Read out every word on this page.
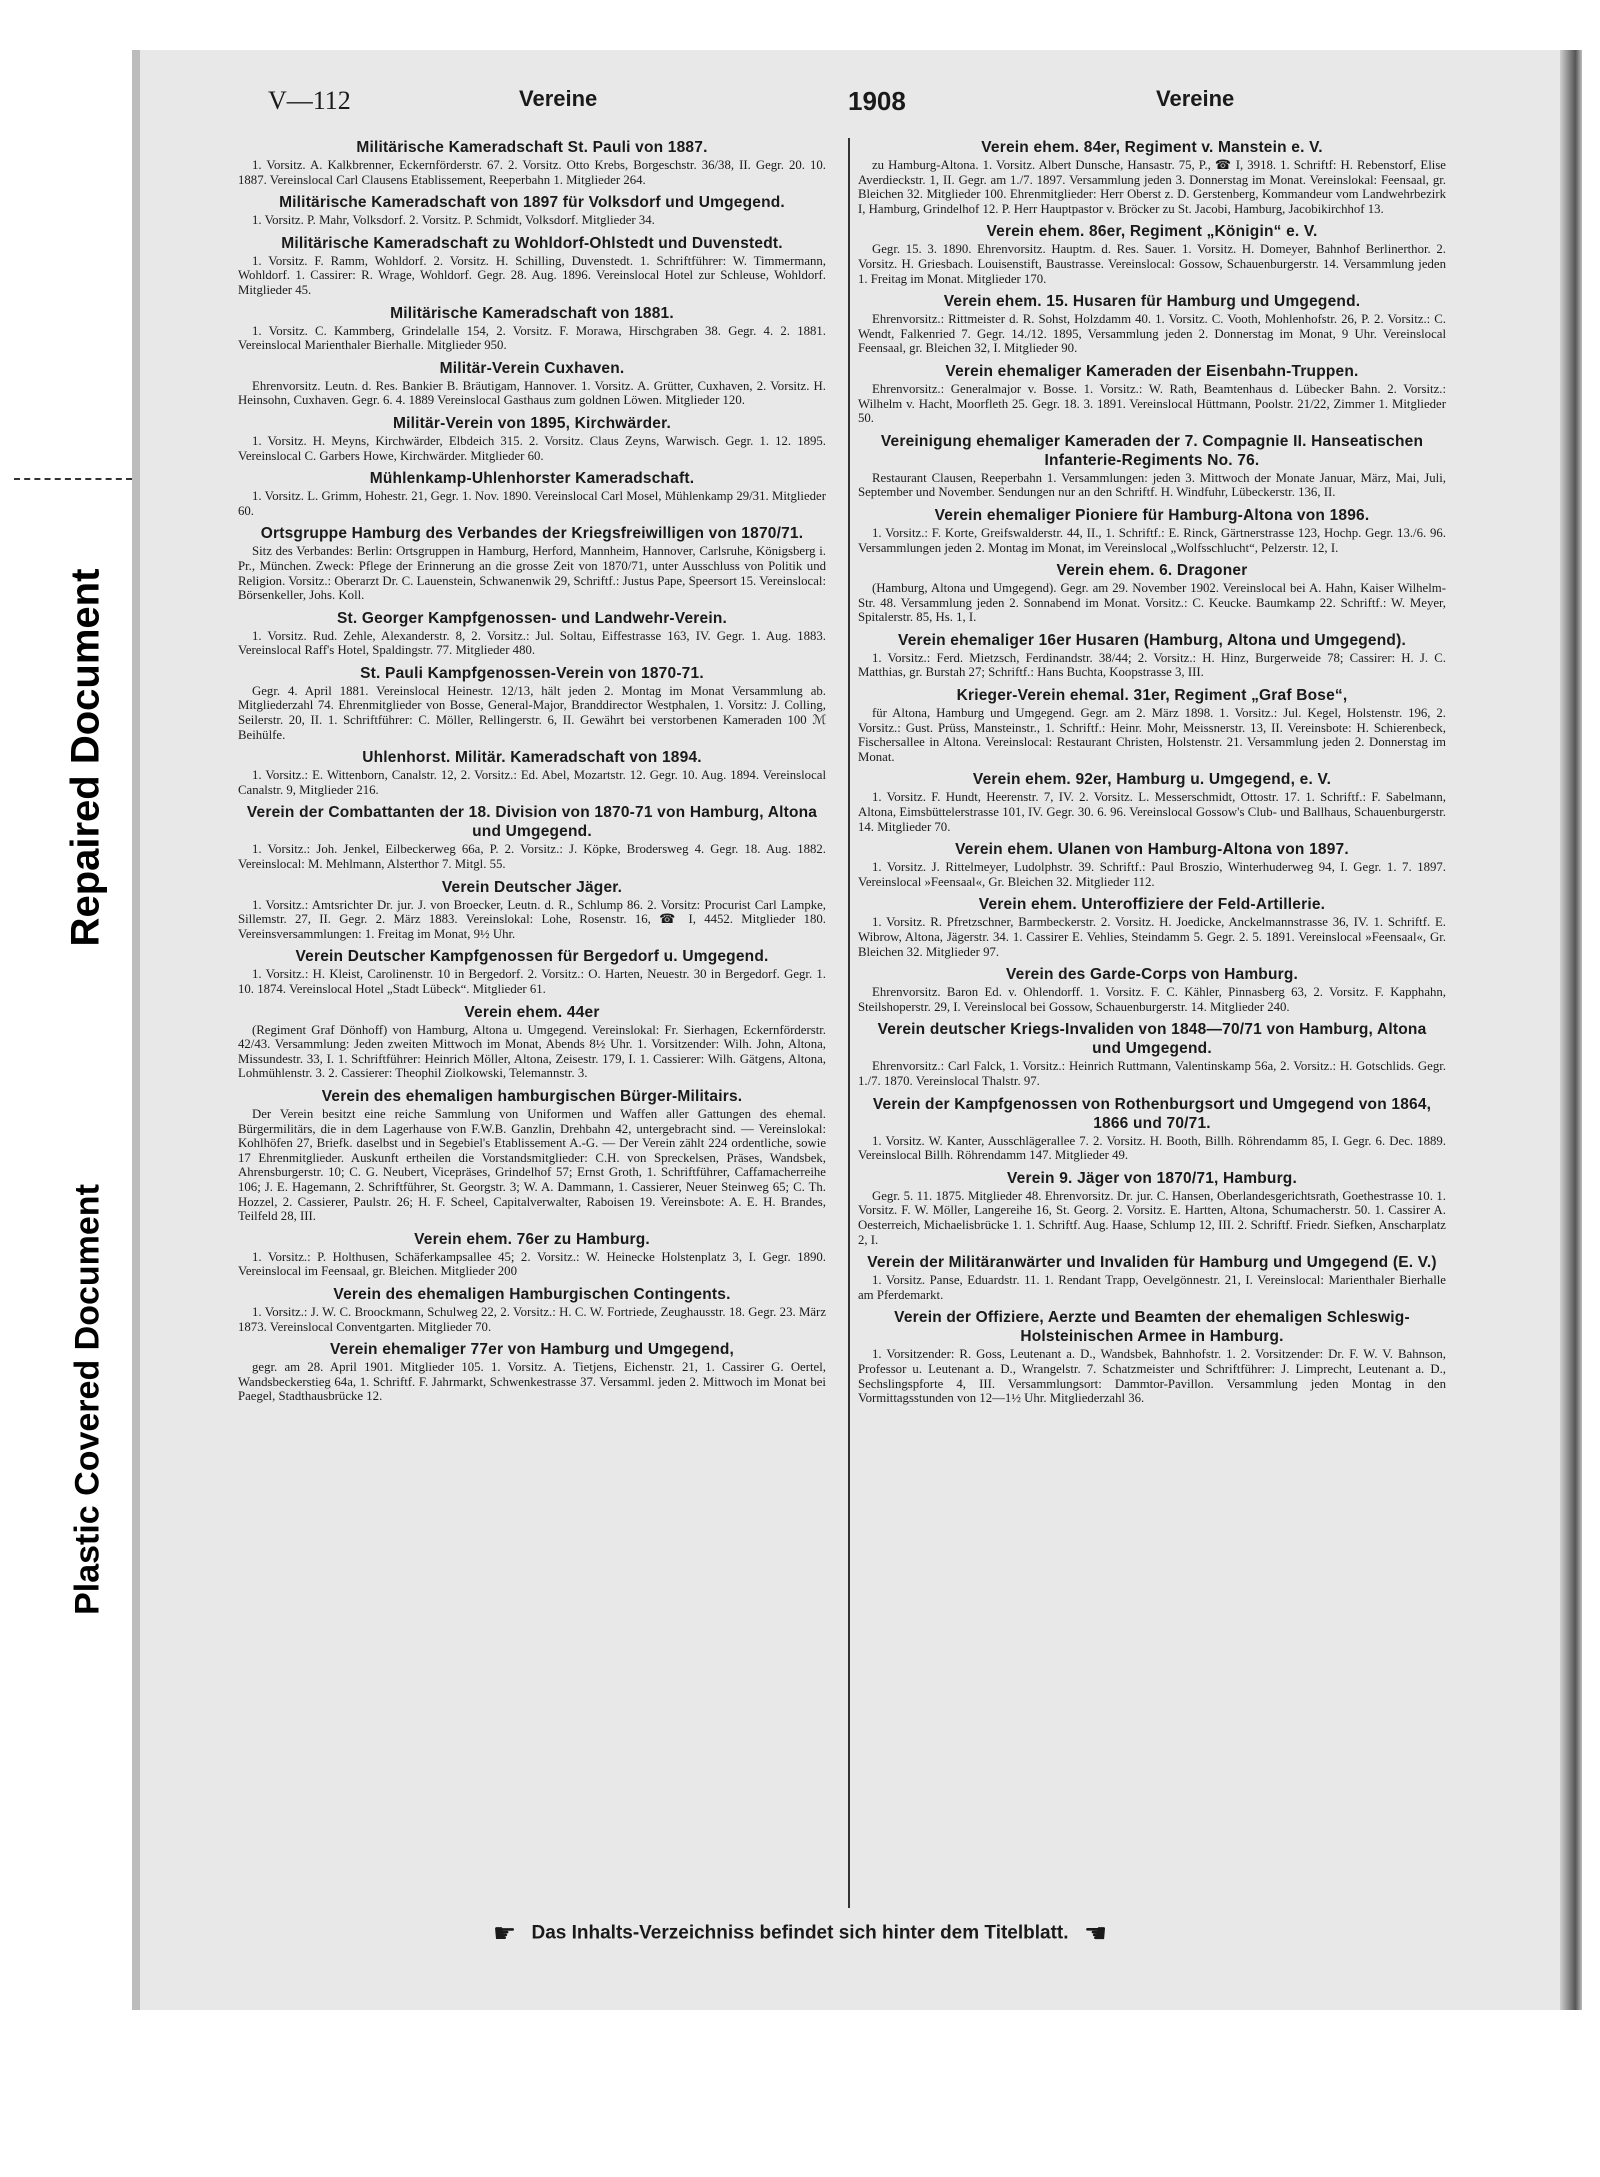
Repaired Document
Plastic Covered Document
V—112	Vereine	1908	Vereine
Militärische Kameradschaft St. Pauli von 1887.

1. Vorsitz. A. Kalkbrenner, Eckernförderstr. 67. 2. Vorsitz. Otto Krebs, Borgeschstr. 36/38, II. Gegr. 20. 10. 1887. Vereinslocal Carl Clausens Etablissement, Reeperbahn 1. Mitglieder 264.

Militärische Kameradschaft von 1897 für Volksdorf und Umgegend.

1. Vorsitz. P. Mahr, Volksdorf. 2. Vorsitz. P. Schmidt, Volksdorf. Mitglieder 34.

Militärische Kameradschaft zu Wohldorf-Ohlstedt und Duvenstedt.

1. Vorsitz. F. Ramm, Wohldorf. 2. Vorsitz. H. Schilling, Duvenstedt. 1. Schriftführer: W. Timmermann, Wohldorf. 1. Cassirer: R. Wrage, Wohldorf. Gegr. 28. Aug. 1896. Vereinslocal Hotel zur Schleuse, Wohldorf. Mitglieder 45.

Militärische Kameradschaft von 1881.

1. Vorsitz. C. Kammberg, Grindelalle 154, 2. Vorsitz. F. Morawa, Hirschgraben 38. Gegr. 4. 2. 1881. Vereinslocal Marienthaler Bierhalle. Mitglieder 950.

Militär-Verein Cuxhaven.

Ehrenvorsitz. Leutn. d. Res. Bankier B. Bräutigam, Hannover. 1. Vorsitz. A. Grütter, Cuxhaven, 2. Vorsitz. H. Heinsohn, Cuxhaven. Gegr. 6. 4. 1889 Vereinslocal Gasthaus zum goldnen Löwen. Mitglieder 120.

Militär-Verein von 1895, Kirchwärder.

1. Vorsitz. H. Meyns, Kirchwärder, Elbdeich 315. 2. Vorsitz. Claus Zeyns, Warwisch. Gegr. 1. 12. 1895. Vereinslocal C. Garbers Howe, Kirchwärder. Mitglieder 60.

Mühlenkamp-Uhlenhorster Kameradschaft.

1. Vorsitz. L. Grimm, Hohestr. 21, Gegr. 1. Nov. 1890. Vereinslocal Carl Mosel, Mühlenkamp 29/31. Mitglieder 60.

Ortsgruppe Hamburg des Verbandes der Kriegsfreiwilligen von 1870/71.

Sitz des Verbandes: Berlin: Ortsgruppen in Hamburg, Herford, Mannheim, Hannover, Carlsruhe, Königsberg i. Pr., München. Zweck: Pflege der Erinnerung an die grosse Zeit von 1870/71, unter Ausschluss von Politik und Religion. Vorsitz.: Oberarzt Dr. C. Lauenstein, Schwanenwik 29, Schriftf.: Justus Pape, Speersort 15. Vereinslocal: Börsenkeller, Johs. Koll.

St. Georger Kampfgenossen- und Landwehr-Verein.

1. Vorsitz. Rud. Zehle, Alexanderstr. 8, 2. Vorsitz.: Jul. Soltau, Eiffestrasse 163, IV. Gegr. 1. Aug. 1883. Vereinslocal Raff's Hotel, Spaldingstr. 77. Mitglieder 480.

St. Pauli Kampfgenossen-Verein von 1870-71.

Gegr. 4. April 1881. Vereinslocal Heinestr. 12/13, hält jeden 2. Montag im Monat Versammlung ab. Mitgliederzahl 74. Ehrenmitglieder von Bosse, General-Major, Branddirector Westphalen, 1. Vorsitz: J. Colling, Seilerstr. 20, II. 1. Schriftführer: C. Möller, Rellingerstr. 6, II. Gewährt bei verstorbenen Kameraden 100 ℳ Beihülfe.

Uhlenhorst. Militär. Kameradschaft von 1894.

1. Vorsitz.: E. Wittenborn, Canalstr. 12, 2. Vorsitz.: Ed. Abel, Mozartstr. 12. Gegr. 10. Aug. 1894. Vereinslocal Canalstr. 9, Mitglieder 216.

Verein der Combattanten der 18. Division von 1870-71 von Hamburg, Altona und Umgegend.

1. Vorsitz.: Joh. Jenkel, Eilbeckerweg 66a, P. 2. Vorsitz.: J. Köpke, Brodersweg 4. Gegr. 18. Aug. 1882. Vereinslocal: M. Mehlmann, Alsterthor 7. Mitgl. 55.

Verein Deutscher Jäger.

1. Vorsitz.: Amtsrichter Dr. jur. J. von Broecker, Leutn. d. R., Schlump 86. 2. Vorsitz: Procurist Carl Lampke, Sillemstr. 27, II. Gegr. 2. März 1883. Vereinslokal: Lohe, Rosenstr. 16, ☎ I, 4452. Mitglieder 180. Vereinsversammlungen: 1. Freitag im Monat, 9½ Uhr.

Verein Deutscher Kampfgenossen für Bergedorf u. Umgegend.

1. Vorsitz.: H. Kleist, Carolinenstr. 10 in Bergedorf. 2. Vorsitz.: O. Harten, Neuestr. 30 in Bergedorf. Gegr. 1. 10. 1874. Vereinslocal Hotel „Stadt Lübeck“. Mitglieder 61.

Verein ehem. 44er

(Regiment Graf Dönhoff) von Hamburg, Altona u. Umgegend. Vereinslokal: Fr. Sierhagen, Eckernförderstr. 42/43. Versammlung: Jeden zweiten Mittwoch im Monat, Abends 8½ Uhr. 1. Vorsitzender: Wilh. John, Altona, Missundestr. 33, I. 1. Schriftführer: Heinrich Möller, Altona, Zeisestr. 179, I. 1. Cassierer: Wilh. Gätgens, Altona, Lohmühlenstr. 3. 2. Cassierer: Theophil Ziolkowski, Telemannstr. 3.

Verein des ehemaligen hamburgischen Bürger-Militairs.

Der Verein besitzt eine reiche Sammlung von Uniformen und Waffen aller Gattungen des ehemal. Bürgermilitärs, die in dem Lagerhause von F.W.B. Ganzlin, Drehbahn 42, untergebracht sind. — Vereinslokal: Kohlhöfen 27, Briefk. daselbst und in Segebiel's Etablissement A.-G. — Der Verein zählt 224 ordentliche, sowie 17 Ehrenmitglieder. Auskunft ertheilen die Vorstandsmitglieder: C.H. von Spreckelsen, Präses, Wandsbek, Ahrensburgerstr. 10; C. G. Neubert, Vicepräses, Grindelhof 57; Ernst Groth, 1. Schriftführer, Caffamacherreihe 106; J. E. Hagemann, 2. Schriftführer, St. Georgstr. 3; W. A. Dammann, 1. Cassierer, Neuer Steinweg 65; C. Th. Hozzel, 2. Cassierer, Paulstr. 26; H. F. Scheel, Capitalverwalter, Raboisen 19. Vereinsbote: A. E. H. Brandes, Teilfeld 28, III.

Verein ehem. 76er zu Hamburg.

1. Vorsitz.: P. Holthusen, Schäferkampsallee 45; 2. Vorsitz.: W. Heinecke Holstenplatz 3, I. Gegr. 1890. Vereinslocal im Feensaal, gr. Bleichen. Mitglieder 200

Verein des ehemaligen Hamburgischen Contingents.

1. Vorsitz.: J. W. C. Broockmann, Schulweg 22, 2. Vorsitz.: H. C. W. Fortriede, Zeughausstr. 18. Gegr. 23. März 1873. Vereinslocal Conventgarten. Mitglieder 70.

Verein ehemaliger 77er von Hamburg und Umgegend,

gegr. am 28. April 1901. Mitglieder 105. 1. Vorsitz. A. Tietjens, Eichenstr. 21, 1. Cassirer G. Oertel, Wandsbeckerstieg 64a, 1. Schriftf. F. Jahrmarkt, Schwenkestrasse 37. Versamml. jeden 2. Mittwoch im Monat bei Paegel, Stadthausbrücke 12.

Verein ehem. 84er, Regiment v. Manstein e. V.

zu Hamburg-Altona. 1. Vorsitz. Albert Dunsche, Hansastr. 75, P., ☎ I, 3918. 1. Schriftf: H. Rebenstorf, Elise Averdieckstr. 1, II. Gegr. am 1./7. 1897. Versammlung jeden 3. Donnerstag im Monat. Vereinslokal: Feensaal, gr. Bleichen 32. Mitglieder 100. Ehrenmitglieder: Herr Oberst z. D. Gerstenberg, Kommandeur vom Landwehrbezirk I, Hamburg, Grindelhof 12. P. Herr Hauptpastor v. Bröcker zu St. Jacobi, Hamburg, Jacobikirchhof 13.

Verein ehem. 86er, Regiment „Königin“ e. V.

Gegr. 15. 3. 1890. Ehrenvorsitz. Hauptm. d. Res. Sauer. 1. Vorsitz. H. Domeyer, Bahnhof Berlinerthor. 2. Vorsitz. H. Griesbach. Louisenstift, Baustrasse. Vereinslocal: Gossow, Schauenburgerstr. 14. Versammlung jeden 1. Freitag im Monat. Mitglieder 170.

Verein ehem. 15. Husaren für Hamburg und Umgegend.

Ehrenvorsitz.: Rittmeister d. R. Sohst, Holzdamm 40. 1. Vorsitz. C. Vooth, Mohlenhofstr. 26, P. 2. Vorsitz.: C. Wendt, Falkenried 7. Gegr. 14./12. 1895, Versammlung jeden 2. Donnerstag im Monat, 9 Uhr. Vereinslocal Feensaal, gr. Bleichen 32, I. Mitglieder 90.

Verein ehemaliger Kameraden der Eisenbahn-Truppen.

Ehrenvorsitz.: Generalmajor v. Bosse. 1. Vorsitz.: W. Rath, Beamtenhaus d. Lübecker Bahn. 2. Vorsitz.: Wilhelm v. Hacht, Moorfleth 25. Gegr. 18. 3. 1891. Vereinslocal Hüttmann, Poolstr. 21/22, Zimmer 1. Mitglieder 50.

Vereinigung ehemaliger Kameraden der 7. Compagnie II. Hanseatischen Infanterie-Regiments No. 76.

Restaurant Clausen, Reeperbahn 1. Versammlungen: jeden 3. Mittwoch der Monate Januar, März, Mai, Juli, September und November. Sendungen nur an den Schriftf. H. Windfuhr, Lübeckerstr. 136, II.

Verein ehemaliger Pioniere für Hamburg-Altona von 1896.

1. Vorsitz.: F. Korte, Greifswalderstr. 44, II., 1. Schriftf.: E. Rinck, Gärtnerstrasse 123, Hochp. Gegr. 13./6. 96. Versammlungen jeden 2. Montag im Monat, im Vereinslocal „Wolfsschlucht“, Pelzerstr. 12, I.

Verein ehem. 6. Dragoner

(Hamburg, Altona und Umgegend). Gegr. am 29. November 1902. Vereinslocal bei A. Hahn, Kaiser Wilhelm-Str. 48. Versammlung jeden 2. Sonnabend im Monat. Vorsitz.: C. Keucke. Baumkamp 22. Schriftf.: W. Meyer, Spitalerstr. 85, Hs. 1, I.

Verein ehemaliger 16er Husaren (Hamburg, Altona und Umgegend).

1. Vorsitz.: Ferd. Mietzsch, Ferdinandstr. 38/44; 2. Vorsitz.: H. Hinz, Burgerweide 78; Cassirer: H. J. C. Matthias, gr. Burstah 27; Schriftf.: Hans Buchta, Koopstrasse 3, III.

Krieger-Verein ehemal. 31er, Regiment „Graf Bose“,

für Altona, Hamburg und Umgegend. Gegr. am 2. März 1898. 1. Vorsitz.: Jul. Kegel, Holstenstr. 196, 2. Vorsitz.: Gust. Prüss, Mansteinstr., 1. Schriftf.: Heinr. Mohr, Meissnerstr. 13, II. Vereinsbote: H. Schierenbeck, Fischersallee in Altona. Vereinslocal: Restaurant Christen, Holstenstr. 21. Versammlung jeden 2. Donnerstag im Monat.

Verein ehem. 92er, Hamburg u. Umgegend, e. V.

1. Vorsitz. F. Hundt, Heerenstr. 7, IV. 2. Vorsitz. L. Messerschmidt, Ottostr. 17. 1. Schriftf.: F. Sabelmann, Altona, Eimsbüttelerstrasse 101, IV. Gegr. 30. 6. 96. Vereinslocal Gossow's Club- und Ballhaus, Schauenburgerstr. 14. Mitglieder 70.

Verein ehem. Ulanen von Hamburg-Altona von 1897.

1. Vorsitz. J. Rittelmeyer, Ludolphstr. 39. Schriftf.: Paul Broszio, Winterhuderweg 94, I. Gegr. 1. 7. 1897. Vereinslocal »Feensaal«, Gr. Bleichen 32. Mitglieder 112.

Verein ehem. Unteroffiziere der Feld-Artillerie.

1. Vorsitz. R. Pfretzschner, Barmbeckerstr. 2. Vorsitz. H. Joedicke, Anckelmannstrasse 36, IV. 1. Schriftf. E. Wibrow, Altona, Jägerstr. 34. 1. Cassirer E. Vehlies, Steindamm 5. Gegr. 2. 5. 1891. Vereinslocal »Feensaal«, Gr. Bleichen 32. Mitglieder 97.

Verein des Garde-Corps von Hamburg.

Ehrenvorsitz. Baron Ed. v. Ohlendorff. 1. Vorsitz. F. C. Kähler, Pinnasberg 63, 2. Vorsitz. F. Kapphahn, Steilshoperstr. 29, I. Vereinslocal bei Gossow, Schauenburgerstr. 14. Mitglieder 240.

Verein deutscher Kriegs-Invaliden von 1848—70/71 von Hamburg, Altona und Umgegend.

Ehrenvorsitz.: Carl Falck, 1. Vorsitz.: Heinrich Ruttmann, Valentinskamp 56a, 2. Vorsitz.: H. Gotschlids. Gegr. 1./7. 1870. Vereinslocal Thalstr. 97.

Verein der Kampfgenossen von Rothenburgsort und Umgegend von 1864, 1866 und 70/71.

1. Vorsitz. W. Kanter, Ausschlägerallee 7. 2. Vorsitz. H. Booth, Billh. Röhrendamm 85, I. Gegr. 6. Dec. 1889. Vereinslocal Billh. Röhrendamm 147. Mitglieder 49.

Verein 9. Jäger von 1870/71, Hamburg.

Gegr. 5. 11. 1875. Mitglieder 48. Ehrenvorsitz. Dr. jur. C. Hansen, Oberlandesgerichtsrath, Goethestrasse 10. 1. Vorsitz. F. W. Möller, Langereihe 16, St. Georg. 2. Vorsitz. E. Hartten, Altona, Schumacherstr. 50. 1. Cassirer A. Oesterreich, Michaelisbrücke 1. 1. Schriftf. Aug. Haase, Schlump 12, III. 2. Schriftf. Friedr. Siefken, Anscharplatz 2, I.

Verein der Militäranwärter und Invaliden für Hamburg und Umgegend (E. V.)

1. Vorsitz. Panse, Eduardstr. 11. 1. Rendant Trapp, Oevelgönnestr. 21, I. Vereinslocal: Marienthaler Bierhalle am Pferdemarkt.

Verein der Offiziere, Aerzte und Beamten der ehemaligen Schleswig-Holsteinischen Armee in Hamburg.

1. Vorsitzender: R. Goss, Leutenant a. D., Wandsbek, Bahnhofstr. 1. 2. Vorsitzender: Dr. F. W. V. Bahnson, Professor u. Leutenant a. D., Wrangelstr. 7. Schatzmeister und Schriftführer: J. Limprecht, Leutenant a. D., Sechslingspforte 4, III. Versammlungsort: Dammtor-Pavillon. Versammlung jeden Montag in den Vormittagsstunden von 12—1½ Uhr. Mitgliederzahl 36.

☛ Das Inhalts-Verzeichniss befindet sich hinter dem Titelblatt. ☚
